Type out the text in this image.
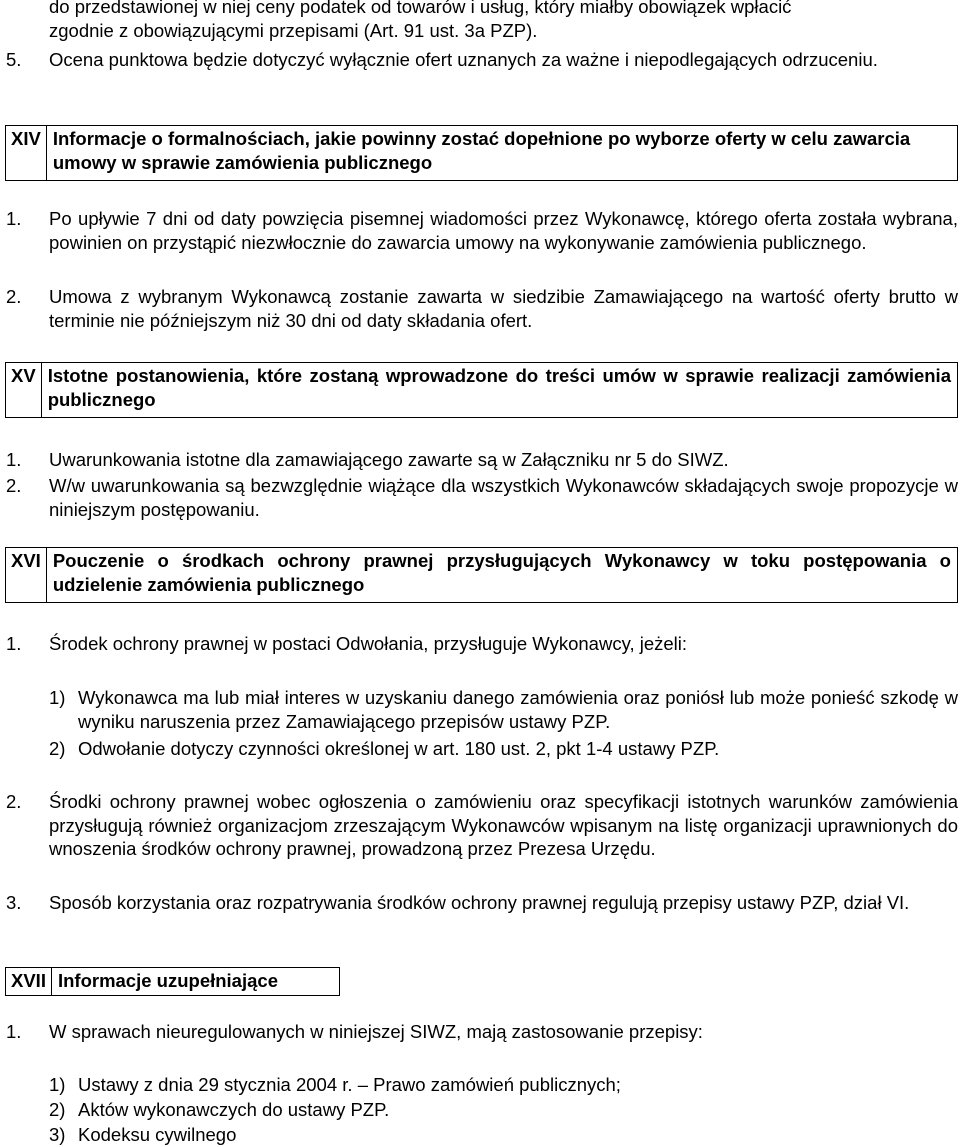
do przedstawionej w niej ceny podatek od towarów i usług, który miałby obowiązek wpłacić
zgodnie z obowiązującymi przepisami (Art. 91 ust. 3a PZP).
5. Ocena punktowa będzie dotyczyć wyłącznie ofert uznanych za ważne i niepodlegających odrzuceniu.
XIV Informacje o formalnościach, jakie powinny zostać dopełnione po wyborze oferty w celu zawarcia umowy w sprawie zamówienia publicznego
1. Po upływie 7 dni od daty powzięcia pisemnej wiadomości przez Wykonawcę, którego oferta została wybrana, powinien on przystąpić niezwłocznie do zawarcia umowy na wykonywanie zamówienia publicznego.
2. Umowa z wybranym Wykonawcą zostanie zawarta w siedzibie Zamawiającego na wartość oferty brutto w terminie nie późniejszym niż 30 dni od daty składania ofert.
XV Istotne postanowienia, które zostaną wprowadzone do treści umów w sprawie realizacji zamówienia publicznego
1. Uwarunkowania istotne dla zamawiającego zawarte są w Załączniku nr 5 do SIWZ.
2. W/w uwarunkowania są bezwzględnie wiążące dla wszystkich Wykonawców składających swoje propozycje w niniejszym postępowaniu.
XVI Pouczenie o środkach ochrony prawnej przysługujących Wykonawcy w toku postępowania o udzielenie zamówienia publicznego
1. Środek ochrony prawnej w postaci Odwołania, przysługuje Wykonawcy, jeżeli:
1) Wykonawca ma lub miał interes w uzyskaniu danego zamówienia oraz poniósł lub może ponieść szkodę w wyniku naruszenia przez Zamawiającego przepisów ustawy PZP.
2) Odwołanie dotyczy czynności określonej w art. 180 ust. 2, pkt 1-4 ustawy PZP.
2. Środki ochrony prawnej wobec ogłoszenia o zamówieniu oraz specyfikacji istotnych warunków zamówienia przysługują również organizacjom zrzeszającym Wykonawców wpisanym na listę organizacji uprawnionych do wnoszenia środków ochrony prawnej, prowadzoną przez Prezesa Urzędu.
3. Sposób korzystania oraz rozpatrywania środków ochrony prawnej regulują przepisy ustawy PZP, dział VI.
XVII Informacje uzupełniające
1. W sprawach nieuregulowanych w niniejszej SIWZ, mają zastosowanie przepisy:
1) Ustawy z dnia 29 stycznia 2004 r. – Prawo zamówień publicznych;
2) Aktów wykonawczych do ustawy PZP.
3) Kodeksu cywilnego
